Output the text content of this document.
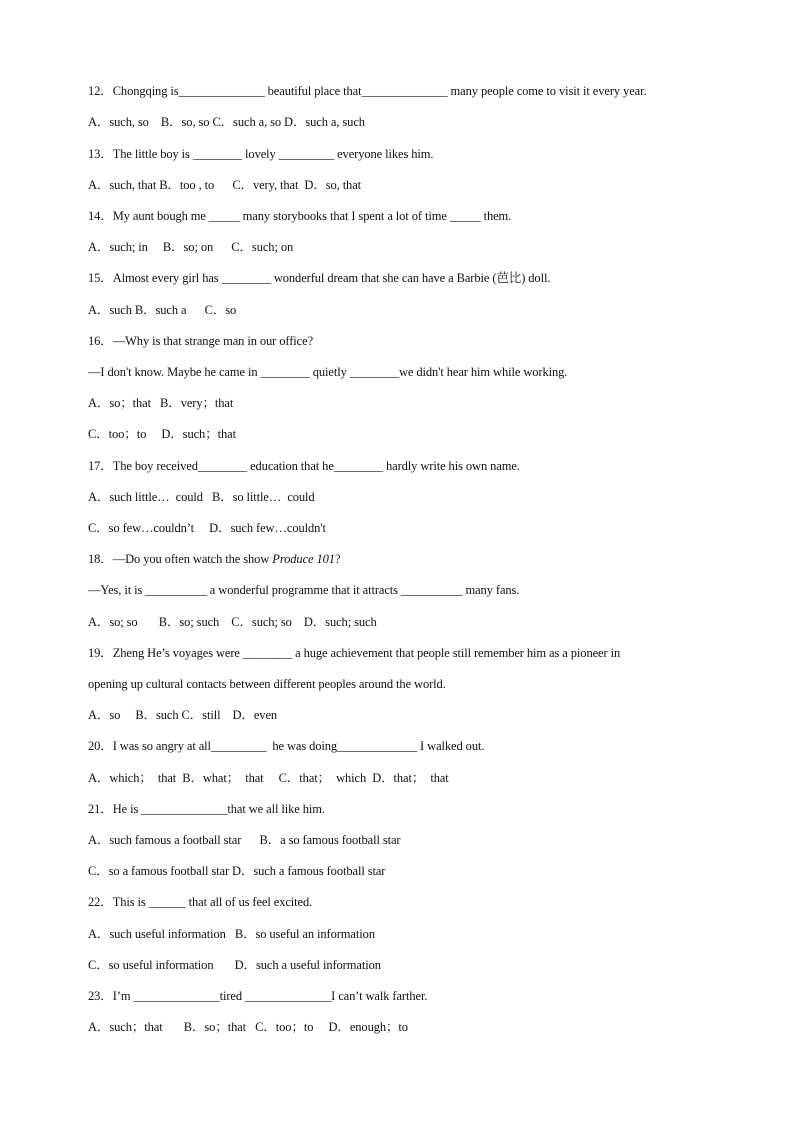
12．Chongqing is______________ beautiful place that______________ many people come to visit it every year.
A．such, so    B．so, so C．such a, so D．such a, such
13．The little boy is ________ lovely _________ everyone likes him.
A．such, that B．too , to      C．very, that  D．so, that
14．My aunt bough me _____ many storybooks that I spent a lot of time _____ them.
A．such; in     B．so; on      C．such; on
15．Almost every girl has ________ wonderful dream that she can have a Barbie (芭比) doll.
A．such B．such a      C．so
16．—Why is that strange man in our office?
—I don't know. Maybe he came in ________ quietly ________we didn't hear him while working.
A．so；that   B．very；that
C．too；to     D．such；that
17．The boy received________ education that he________ hardly write his own name.
A．such little…  could   B．so little…  could
C．so few…couldn’t     D．such few…couldn't
18．—Do you often watch the show Produce 101?
—Yes, it is __________ a wonderful programme that it attracts __________ many fans.
A．so; so       B．so; such    C．such; so    D．such; such
19．Zheng He’s voyages were ________ a huge achievement that people still remember him as a pioneer in
opening up cultural contacts between different peoples around the world.
A．so     B．such C．still    D．even
20．I was so angry at all_________  he was doing_____________ I walked out.
A．which；  that  B．what；  that     C．that；  which  D．that；  that
21．He is ______________that we all like him.
A．such famous a football star      B．a so famous football star
C．so a famous football star D．such a famous football star
22．This is ______ that all of us feel excited.
A．such useful information   B．so useful an information
C．so useful information       D．such a useful information
23．I’m ______________tired ______________I can’t walk farther.
A．such；that       B．so；that   C．too；to     D．enough；to
